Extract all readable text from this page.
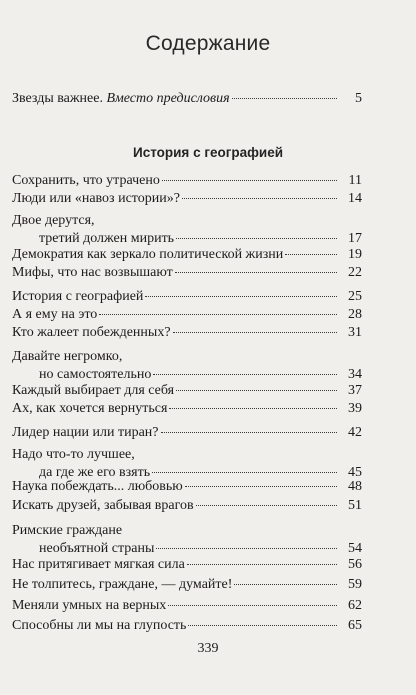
Содержание
Звезды важнее. Вместо предисловия	5
История с географией
Сохранить, что утрачено	11
Люди или «навоз истории»?	14
Двое дерутся,
третий должен мирить	17
Демократия как зеркало политической жизни	19
Мифы, что нас возвышают	22
История с географией	25
А я ему на это	28
Кто жалеет побежденных?	31
Давайте негромко,
но самостоятельно	34
Каждый выбирает для себя	37
Ах, как хочется вернуться	39
Лидер нации или тиран?	42
Надо что-то лучшее,
да где же его взять	45
Наука побеждать... любовью	48
Искать друзей, забывая врагов	51
Римские граждане
необъятной страны	54
Нас притягивает мягкая сила	56
Не толпитесь, граждане, — думайте!	59
Меняли умных на верных	62
Способны ли мы на глупость	65
339
